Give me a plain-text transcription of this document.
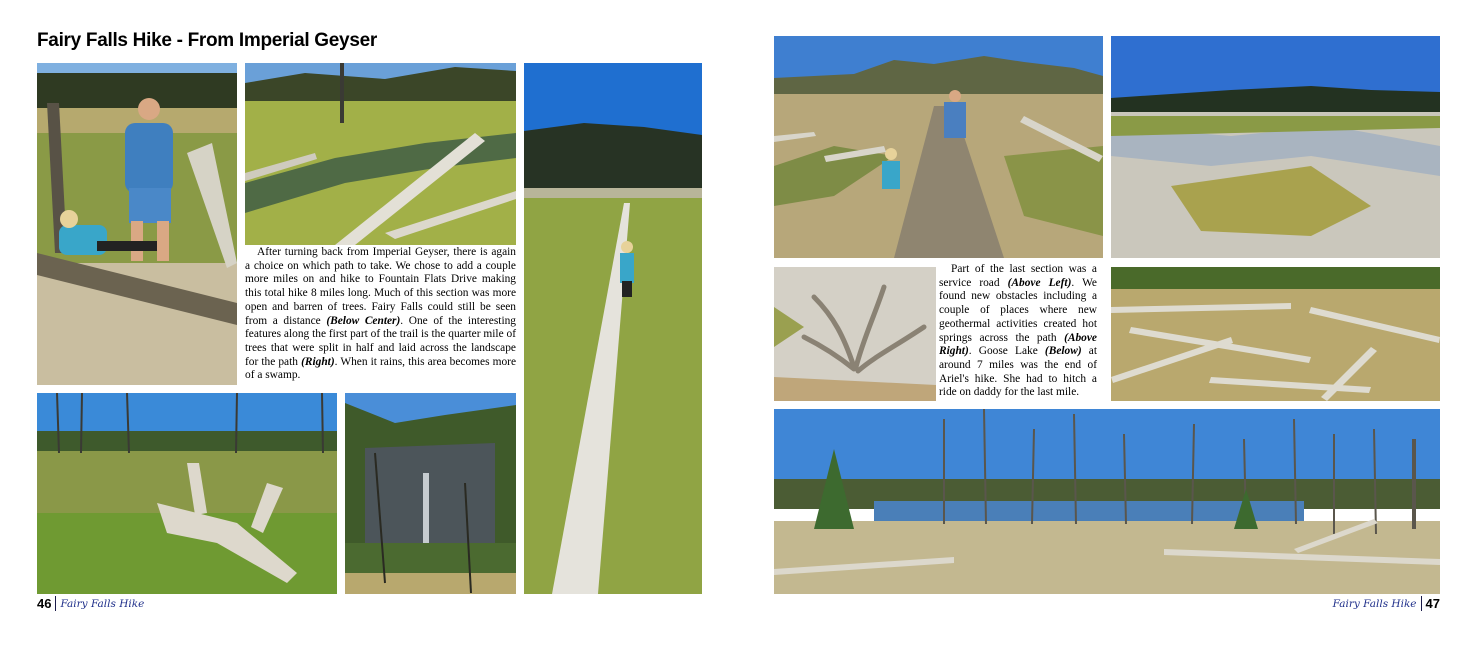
Fairy Falls Hike - From Imperial Geyser

After turning back from Imperial Geyser, there is again a choice on which path to take. We chose to add a couple more miles on and hike to Fountain Flats Drive making this total hike 8 miles long. Much of this section was more open and barren of trees. Fairy Falls could still be seen from a distance (Below Center). One of the interesting features along the first part of the trail is the quarter mile of trees that were split in half and laid across the landscape for the path (Right). When it rains, this area becomes more of a swamp.

46 Fairy Falls Hike

Part of the last section was a service road (Above Left). We found new obstacles including a couple of places where new geothermal activities created hot springs across the path (Above Right). Goose Lake (Below) at around 7 miles was the end of Ariel's hike. She had to hitch a ride on daddy for the last mile.

Fairy Falls Hike 47
